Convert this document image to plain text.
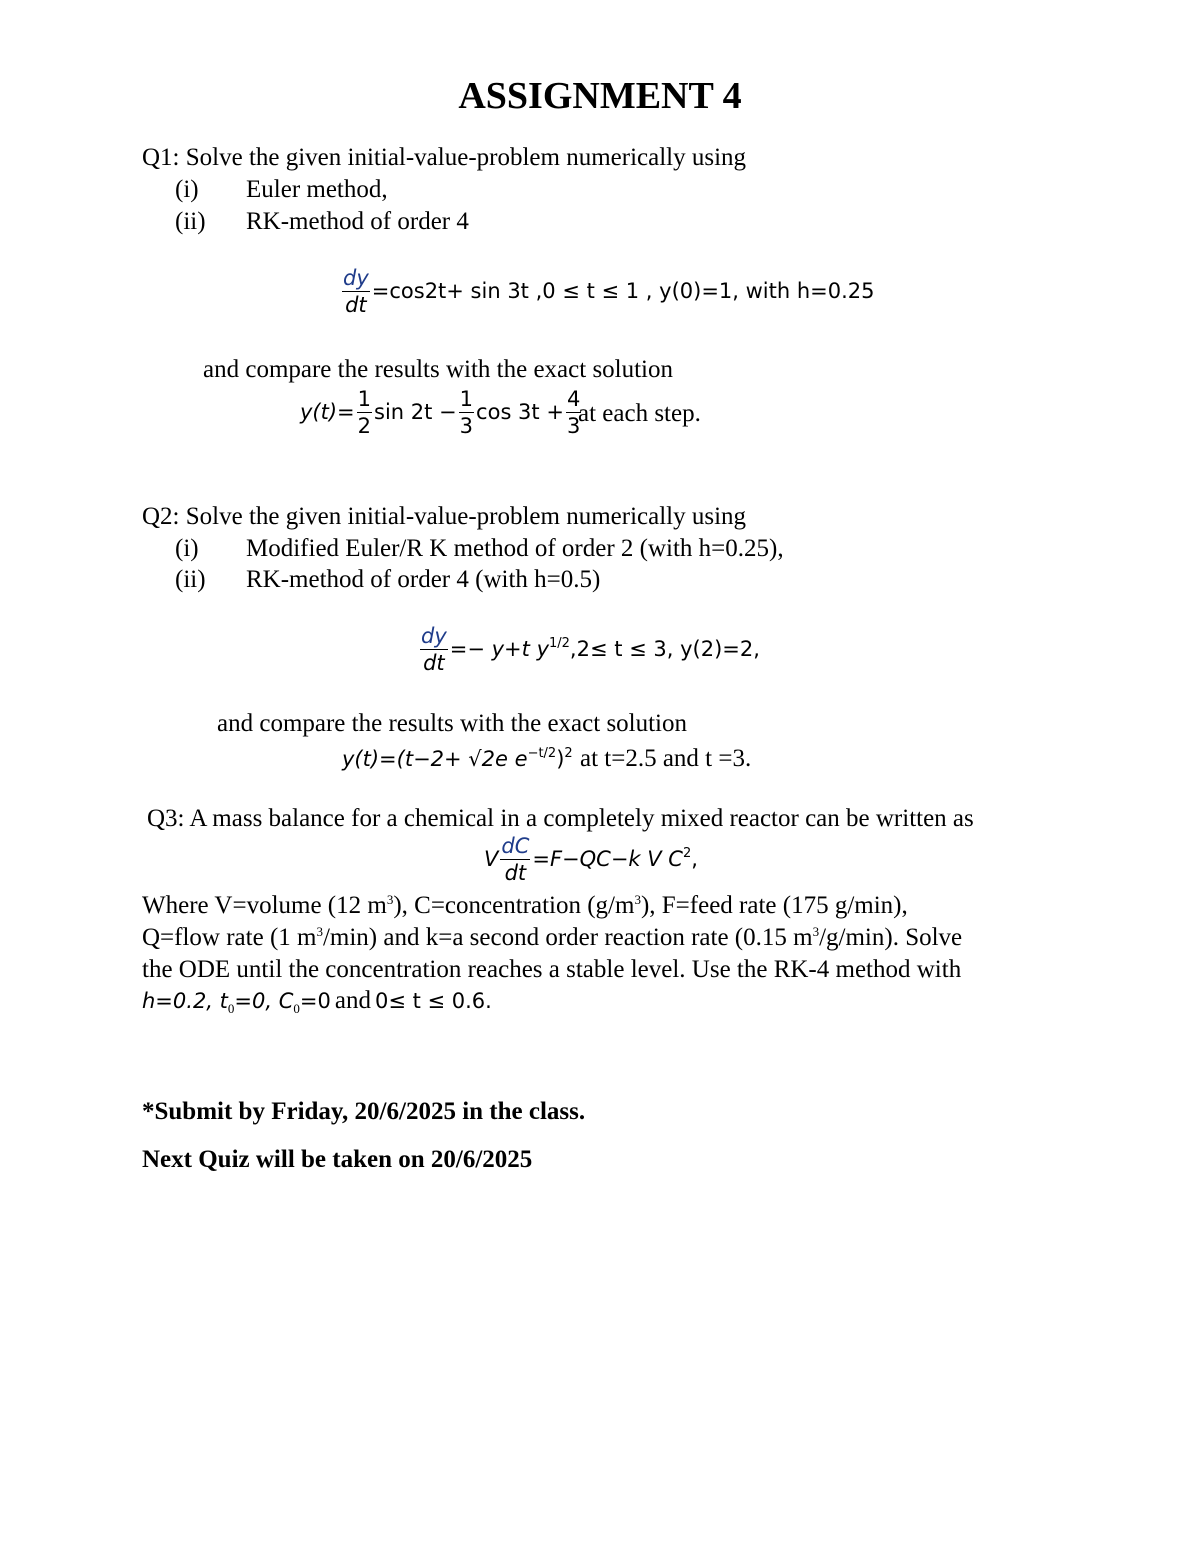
ASSIGNMENT 4
Q1: Solve the given initial-value-problem numerically using
(i) Euler method,
(ii) RK-method of order 4
$\frac{dy}{dt} =\cos 2t+ \sin 3t$ ,0 ≤ t ≤ 1 , y(0)=1, with h=0.25
and compare the results with the exact solution
$y(t)= \frac{1}{2}$ $\sin 2t - \frac{1}{3}$ $\cos 3t + \frac{4}{3}$
at each step.
Q2: Solve the given initial-value-problem numerically using
(i) Modified Euler/R K method of order 2 (with h=0.25),
(ii) RK-method of order 4 (with h=0.5)
$\frac{dy}{dt} =- y+t$ $y^{1/2},2\le t \le 3$, y(2)=2,
and compare the results with the exact solution
y(t)=(t−2+ √2e $e^{-t/2})^2$ at t=2.5 and t =3.
Q3: A mass balance for a chemical in a completely mixed reactor can be written as
V $\frac{dC}{dt} =F-QC-k$ V $C^2$,
Where V=volume (12 $m^3$), C=concentration $(g/m^3)$, F=feed rate (175 g/min),
Q=flow rate (1 $m^3/\min$) and k=a second order reaction rate (0.15 $m^3/g/\min$). Solve
the ODE until the concentration reaches a stable level. Use the RK-4 method with
h=0.2, $t_0=0$, $C_0=0$ and 0≤ t ≤ 0.6.
*Submit by Friday, 20/6/2025 in the class.
Next Quiz will be taken on 20/6/2025
